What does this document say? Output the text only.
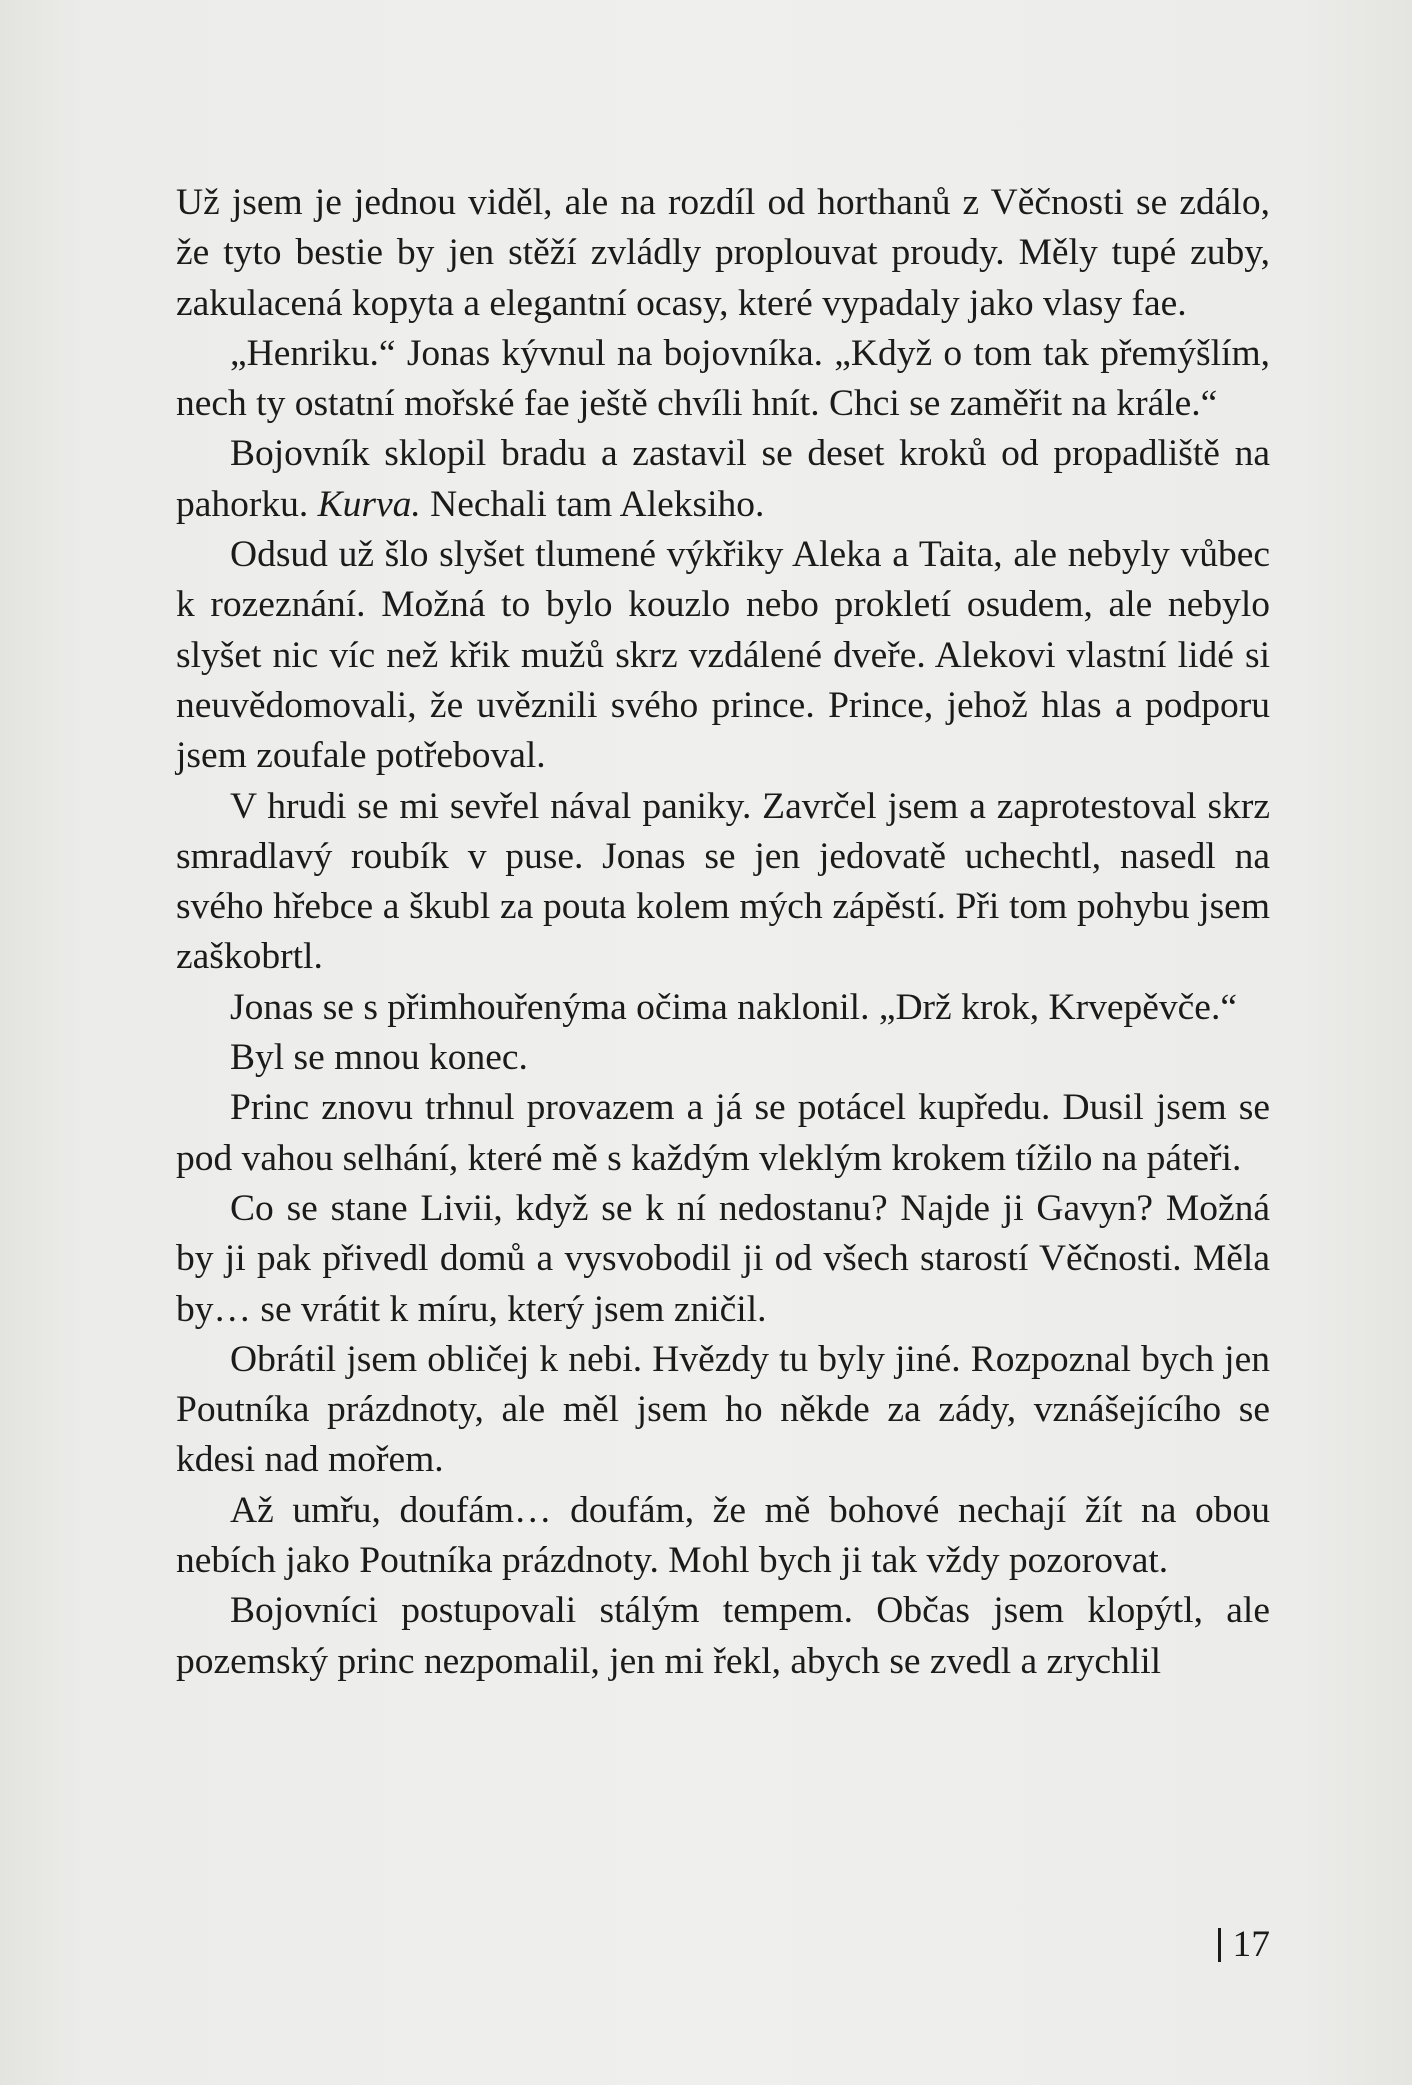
Už jsem je jednou viděl, ale na rozdíl od horthanů z Věčnosti se zdálo, že tyto bestie by jen stěží zvládly proplouvat proudy. Měly tupé zuby, zakulacená kopyta a elegantní ocasy, které vypadaly jako vlasy fae.

„Henriku.“ Jonas kývnul na bojovníka. „Když o tom tak přemýšlím, nech ty ostatní mořské fae ještě chvíli hnít. Chci se zaměřit na krále.“

Bojovník sklopil bradu a zastavil se deset kroků od propadliště na pahorku. Kurva. Nechali tam Aleksiho.

Odsud už šlo slyšet tlumené výkřiky Aleka a Taita, ale nebyly vůbec k rozeznání. Možná to bylo kouzlo nebo prokletí osudem, ale nebylo slyšet nic víc než křik mužů skrz vzdálené dveře. Alekovi vlastní lidé si neuvědomovali, že uvěznili svého prince. Prince, jehož hlas a podporu jsem zoufale potřeboval.

V hrudi se mi sevřel nával paniky. Zavrčel jsem a zaprotestoval skrz smradlavý roubík v puse. Jonas se jen jedovatě uchechtl, nasedl na svého hřebce a škubl za pouta kolem mých zápěstí. Při tom pohybu jsem zaškobrtl.

Jonas se s přimhouřenýma očima naklonil. „Drž krok, Krvepěvče.“

Byl se mnou konec.

Princ znovu trhnul provazem a já se potácel kupředu. Dusil jsem se pod vahou selhání, které mě s každým vleklým krokem tížilo na páteři.

Co se stane Livii, když se k ní nedostanu? Najde ji Gavyn? Možná by ji pak přivedl domů a vysvobodil ji od všech starostí Věčnosti. Měla by… se vrátit k míru, který jsem zničil.

Obrátil jsem obličej k nebi. Hvězdy tu byly jiné. Rozpoznal bych jen Poutníka prázdnoty, ale měl jsem ho někde za zády, vznášejícího se kdesi nad mořem.

Až umřu, doufám… doufám, že mě bohové nechají žít na obou nebích jako Poutníka prázdnoty. Mohl bych ji tak vždy pozorovat.

Bojovníci postupovali stálým tempem. Občas jsem klopýtl, ale pozemský princ nezpomalil, jen mi řekl, abych se zvedl a zrychlil

17
